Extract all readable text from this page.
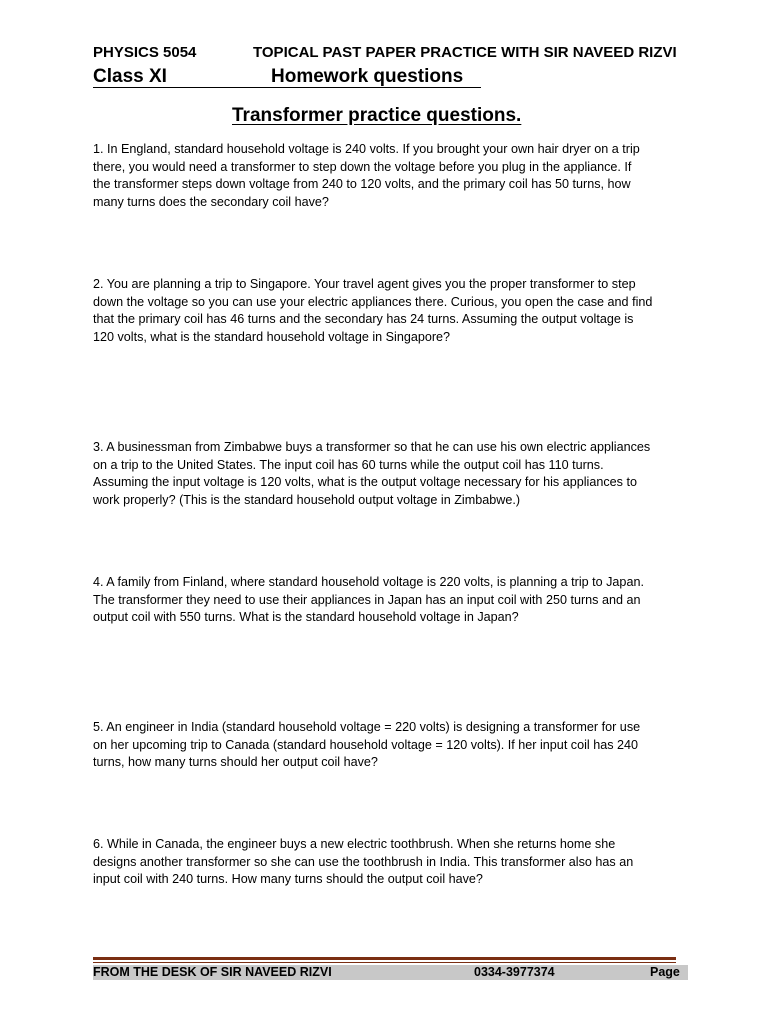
PHYSICS 5054	TOPICAL PAST PAPER PRACTICE WITH SIR NAVEED RIZVI
Class XI	Homework questions
Transformer practice questions.
1. In England, standard household voltage is 240 volts. If you brought your own hair dryer on a trip
there, you would need a transformer to step down the voltage before you plug in the appliance. If
the transformer steps down voltage from 240 to 120 volts, and the primary coil has 50 turns, how
many turns does the secondary coil have?
2. You are planning a trip to Singapore. Your travel agent gives you the proper transformer to step
down the voltage so you can use your electric appliances there. Curious, you open the case and find
that the primary coil has 46 turns and the secondary has 24 turns. Assuming the output voltage is
120 volts, what is the standard household voltage in Singapore?
3. A businessman from Zimbabwe buys a transformer so that he can use his own electric appliances
on a trip to the United States. The input coil has 60 turns while the output coil has 110 turns.
Assuming the input voltage is 120 volts, what is the output voltage necessary for his appliances to
work properly? (This is the standard household output voltage in Zimbabwe.)
4. A family from Finland, where standard household voltage is 220 volts, is planning a trip to Japan.
The transformer they need to use their appliances in Japan has an input coil with 250 turns and an
output coil with 550 turns. What is the standard household voltage in Japan?
5. An engineer in India (standard household voltage = 220 volts) is designing a transformer for use
on her upcoming trip to Canada (standard household voltage = 120 volts). If her input coil has 240
turns, how many turns should her output coil have?
6. While in Canada, the engineer buys a new electric toothbrush. When she returns home she
designs another transformer so she can use the toothbrush in India. This transformer also has an
input coil with 240 turns. How many turns should the output coil have?
FROM THE DESK OF SIR NAVEED RIZVI	0334-3977374	Page
